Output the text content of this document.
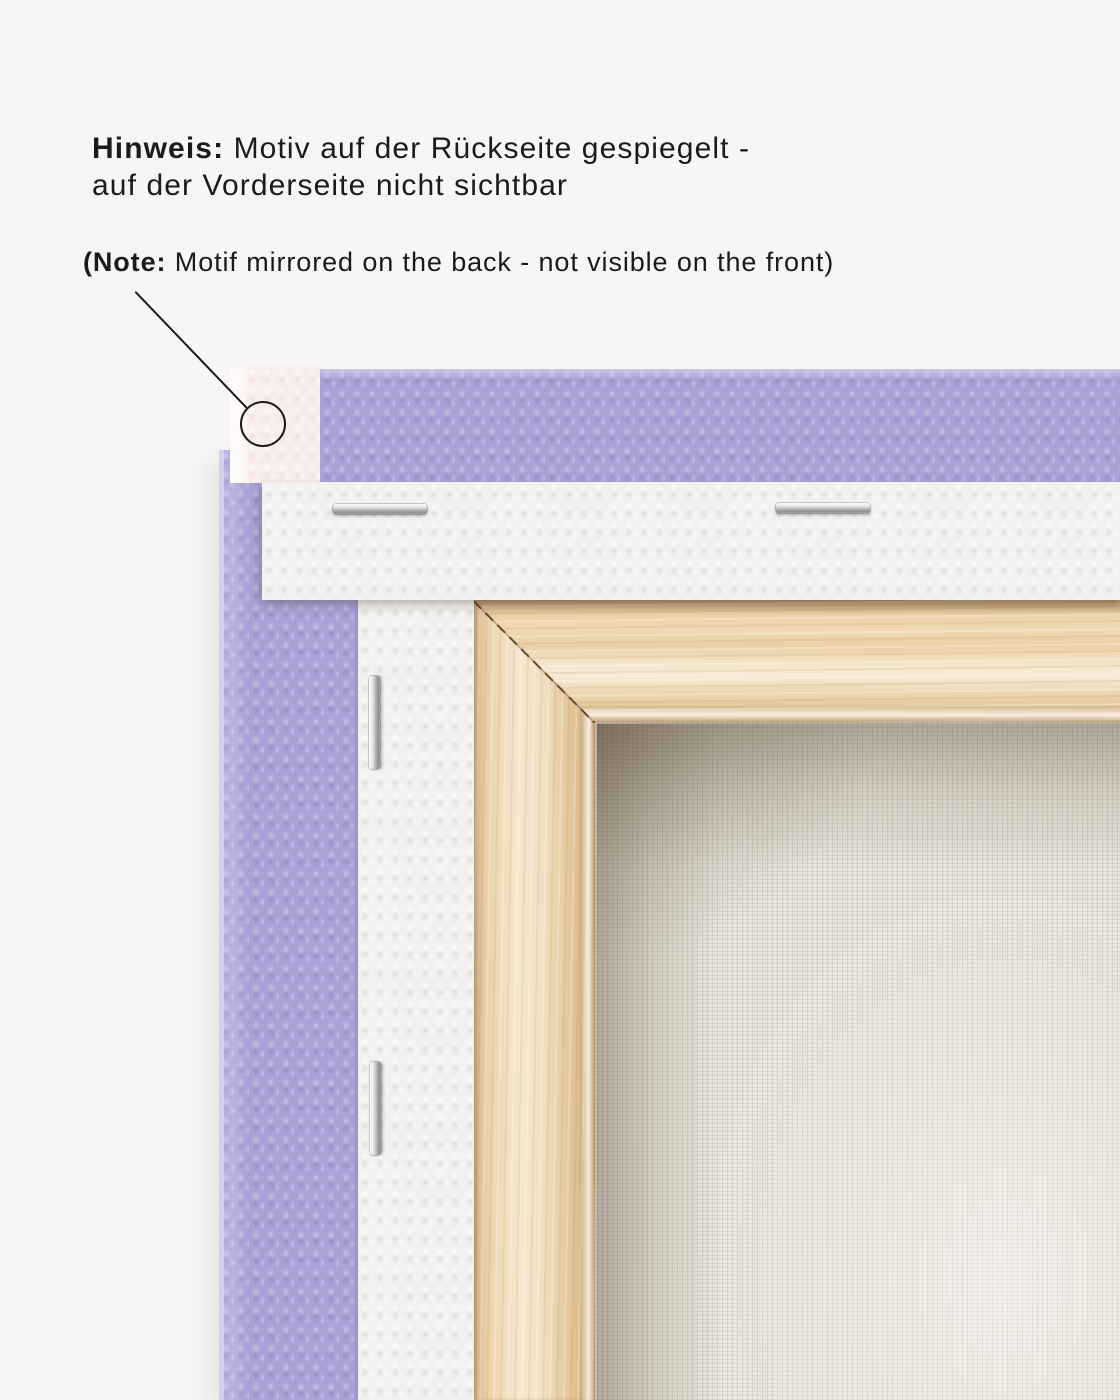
Hinweis: Motiv auf der Rückseite gespiegelt -
auf der Vorderseite nicht sichtbar

(Note: Motif mirrored on the back - not visible on the front)
